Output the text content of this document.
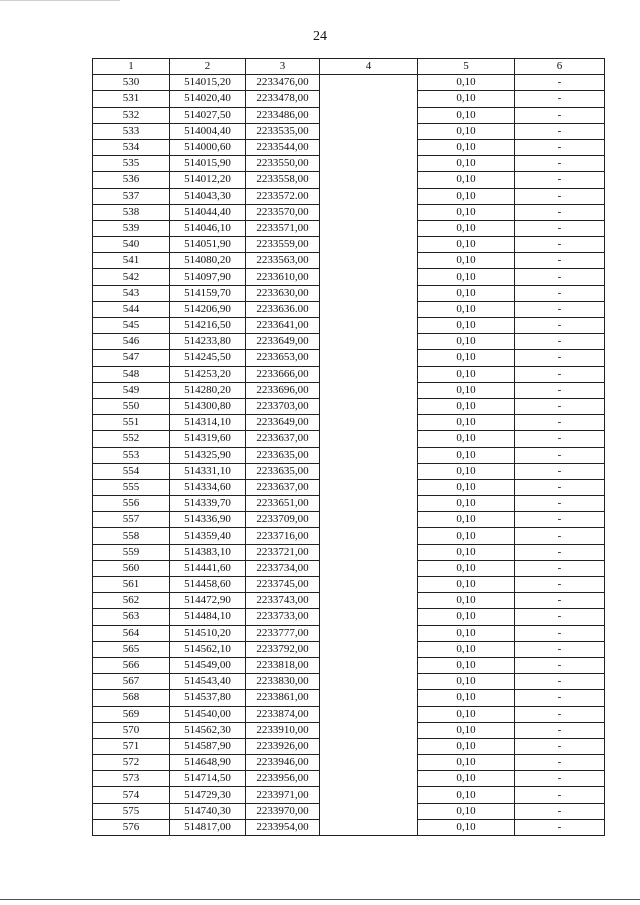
24
1	2	3	4	5	6
530	514015,20	2233476,00		0,10	-
531	514020,40	2233478,00		0,10	-
532	514027,50	2233486,00		0,10	-
533	514004,40	2233535,00		0,10	-
534	514000,60	2233544,00		0,10	-
535	514015,90	2233550,00		0,10	-
536	514012,20	2233558,00		0,10	-
537	514043,30	2233572.00		0,10	-
538	514044,40	2233570,00		0,10	-
539	514046,10	2233571,00		0,10	-
540	514051,90	2233559,00		0,10	-
541	514080,20	2233563,00		0,10	-
542	514097,90	2233610,00		0,10	-
543	514159,70	2233630,00		0,10	-
544	514206,90	2233636.00		0,10	-
545	514216,50	2233641,00		0,10	-
546	514233,80	2233649,00		0,10	-
547	514245,50	2233653,00		0,10	-
548	514253,20	2233666,00		0,10	-
549	514280,20	2233696,00		0,10	-
550	514300,80	2233703,00		0,10	-
551	514314,10	2233649,00		0,10	-
552	514319,60	2233637,00		0,10	-
553	514325,90	2233635,00		0,10	-
554	514331,10	2233635,00		0,10	-
555	514334,60	2233637,00		0,10	-
556	514339,70	2233651,00		0,10	-
557	514336,90	2233709,00		0,10	-
558	514359,40	2233716,00		0,10	-
559	514383,10	2233721,00		0,10	-
560	514441,60	2233734,00		0,10	-
561	514458,60	2233745,00		0,10	-
562	514472,90	2233743,00		0,10	-
563	514484,10	2233733,00		0,10	-
564	514510,20	2233777,00		0,10	-
565	514562,10	2233792,00		0,10	-
566	514549,00	2233818,00		0,10	-
567	514543,40	2233830,00		0,10	-
568	514537,80	2233861,00		0,10	-
569	514540,00	2233874,00		0,10	-
570	514562,30	2233910,00		0,10	-
571	514587,90	2233926,00		0,10	-
572	514648,90	2233946,00		0,10	-
573	514714,50	2233956,00		0,10	-
574	514729,30	2233971,00		0,10	-
575	514740,30	2233970,00		0,10	-
576	514817,00	2233954,00		0,10	-
